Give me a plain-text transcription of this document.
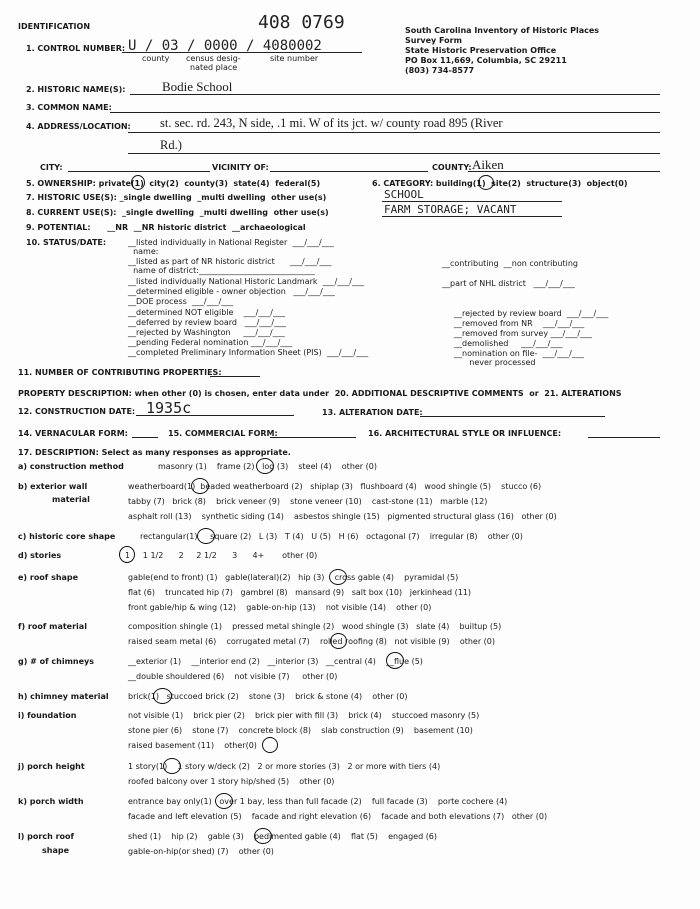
408 0769
IDENTIFICATION	South Carolina Inventory of Historic Places
Survey Form
State Historic Preservation Office
PO Box 11,669, Columbia, SC 29211
(803) 734-8577
1. CONTROL NUMBER: U / 03 / 0000 / 4080002
county census desig-
nated place
site number
2. HISTORIC NAME(S):	Bodie School
3. COMMON NAME:
4. ADDRESS/LOCATION: st. sec. rd. 243, N side, .1 mi. W of its jct. w/ county road 895 (River
Rd.)
CITY:	VICINITY OF:	COUNTY: Aiken
5. OWNERSHIP: private(1)  city(2)  county(3)  state(4)  federal(5)	6. CATEGORY: building(1)  site(2)  structure(3)  object(0)
7. HISTORIC USE(S): _single dwelling  _multi dwelling  other use(s)	SCHOOL
8. CURRENT USE(S):  _single dwelling  _multi dwelling  other use(s)	FARM STORAGE; VACANT
9. POTENTIAL:      __NR  __NR historic district  __archaeological
10. STATUS/DATE:	__listed individually in National Register  ___/___/___
name:
__listed as part of NR historic district      ___/___/___
name of district:_____________________________
__listed individually National Historic Landmark  ___/___/___
__determined eligible - owner objection   ___/___/___
__DOE process  ___/___/___
__determined NOT eligible    ___/___/___
__deferred by review board   ___/___/___
__rejected by Washington     ___/___/___
__pending Federal nomination ___/___/___
__completed Preliminary Information Sheet (PIS)  ___/___/___
__contributing  __non contributing
__part of NHL district   ___/___/___
__rejected by review board  ___/___/___
__removed from NR    ___/___/___
__removed from survey ___/___/___
__demolished     ___/___/___
__nomination on file-  ___/___/___
never processed
11. NUMBER OF CONTRIBUTING PROPERTIES:
PROPERTY DESCRIPTION: when other (0) is chosen, enter data under  20. ADDITIONAL DESCRIPTIVE COMMENTS  or  21. ALTERATIONS
12. CONSTRUCTION DATE: 1935c	13. ALTERATION DATE:
14. VERNACULAR FORM:	15. COMMERCIAL FORM:	16. ARCHITECTURAL STYLE OR INFLUENCE:
17. DESCRIPTION: Select as many responses as appropriate.
a) construction method	masonry (1)    frame (2)   log (3)    steel (4)    other (0)
b) exterior wall
material
weatherboard(1)  beaded weatherboard (2)   shiplap (3)   flushboard (4)   wood shingle (5)    stucco (6)
tabby (7)   brick (8)    brick veneer (9)    stone veneer (10)    cast-stone (11)   marble (12)
asphalt roll (13)    synthetic siding (14)    asbestos shingle (15)   pigmented structural glass (16)   other (0)
c) historic core shape	rectangular(1)     square (2)   L (3)   T (4)   U (5)   H (6)   octagonal (7)    irregular (8)    other (0)
d) stories	1     1 1/2      2     2 1/2      3      4+       other (0)
e) roof shape	gable(end to front) (1)   gable(lateral)(2)   hip (3)    cross gable (4)    pyramidal (5)
flat (6)    truncated hip (7)   gambrel (8)   mansard (9)   salt box (10)   jerkinhead (11)
front gable/hip & wing (12)    gable-on-hip (13)    not visible (14)    other (0)
f) roof material	composition shingle (1)    pressed metal shingle (2)   wood shingle (3)   slate (4)    builtup (5)
raised seam metal (6)    corrugated metal (7)    rolled roofing (8)   not visible (9)    other (0)
g) # of chimneys	__exterior (1)    __interior end (2)   __interior (3)   __central (4)    __flue (5)
__double shouldered (6)    not visible (7)     other (0)
h) chimney material brick(1)   stuccoed brick (2)    stone (3)    brick & stone (4)    other (0)
i) foundation	not visible (1)    brick pier (2)    brick pier with fill (3)    brick (4)    stuccoed masonry (5)
stone pier (6)    stone (7)    concrete block (8)    slab construction (9)    basement (10)
raised basement (11)    other(0)
j) porch height	1 story(1)    1 story w/deck (2)   2 or more stories (3)   2 or more with tiers (4)
roofed balcony over 1 story hip/shed (5)    other (0)
k) porch width	entrance bay only(1)   over 1 bay, less than full facade (2)    full facade (3)    porte cochere (4)
facade and left elevation (5)    facade and right elevation (6)    facade and both elevations (7)   other (0)
l) porch roof
shape
shed (1)    hip (2)    gable (3)    pedimented gable (4)    flat (5)    engaged (6)
gable-on-hip(or shed) (7)    other (0)
